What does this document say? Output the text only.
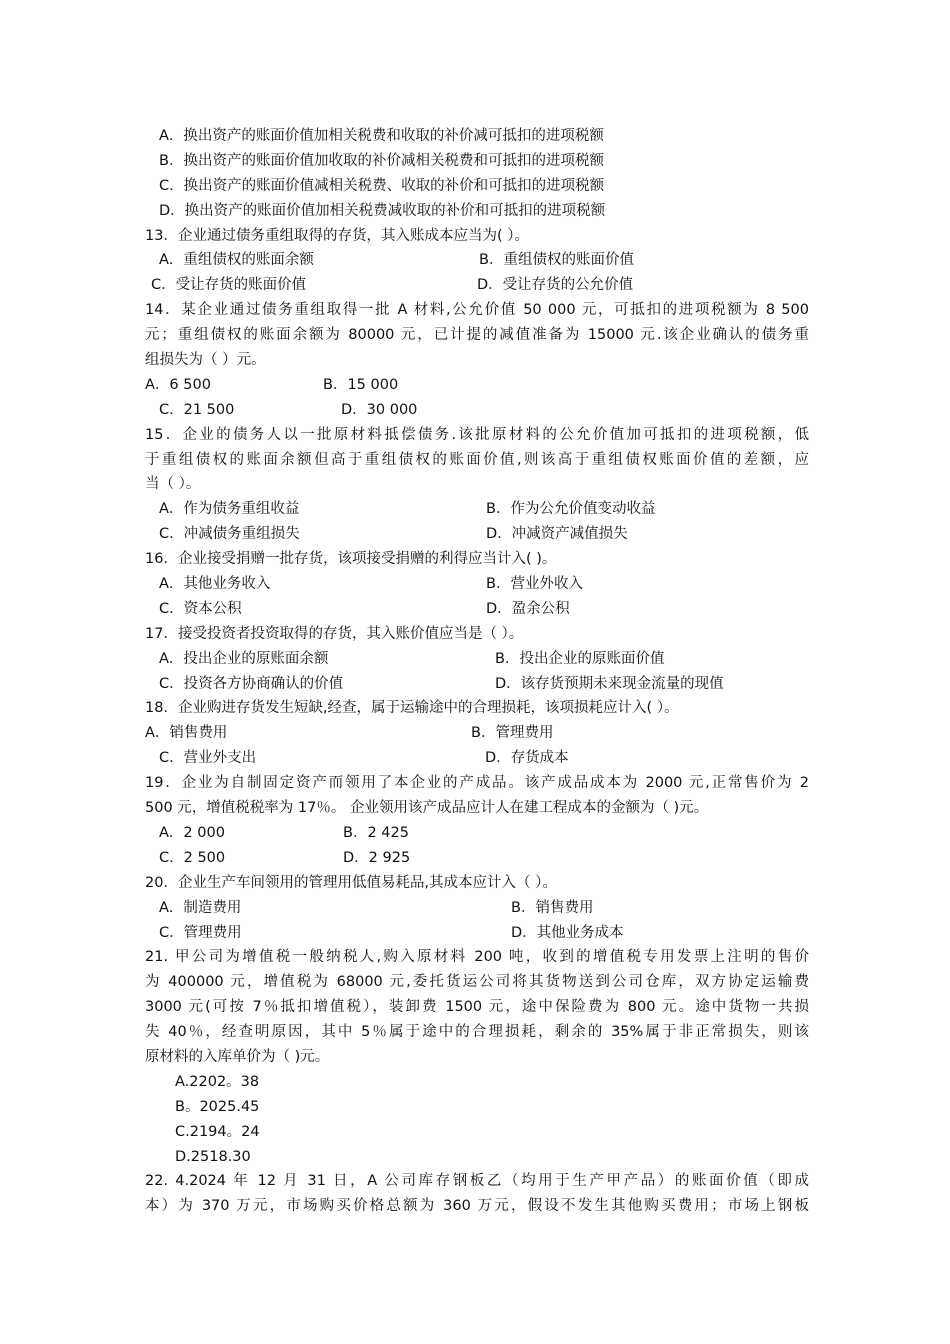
A．换出资产的账面价值加相关税费和收取的补价减可抵扣的进项税额
B．换出资产的账面价值加收取的补价减相关税费和可抵扣的进项税额
C．换出资产的账面价值减相关税费、收取的补价和可抵扣的进项税额
D．换出资产的账面价值加相关税费减收取的补价和可抵扣的进项税额
13．企业通过债务重组取得的存货，其入账成本应当为( ）。
A．重组债权的账面余额	B．重组债权的账面价值
C．受让存货的账面价值	D．受让存货的公允价值
14．某企业通过债务重组取得一批 A 材料,公允价值 50 000 元，可抵扣的进项税额为 8 500
元；重组债权的账面余额为 80000 元，已计提的减值准备为 15000 元.该企业确认的债务重
组损失为（ ）元。
A．6 500	B．15 000
C．21 500	D．30 000
15．企业的债务人以一批原材料抵偿债务.该批原材料的公允价值加可抵扣的进项税额，低
于重组债权的账面余额但高于重组债权的账面价值,则该高于重组债权账面价值的差额，应
当（ ）。
A．作为债务重组收益	B．作为公允价值变动收益
C．冲减债务重组损失	D．冲减资产减值损失
16．企业接受捐赠一批存货，该项接受捐赠的利得应当计入( )。
A．其他业务收入	B．营业外收入
C．资本公积	D．盈余公积
17．接受投资者投资取得的存货，其入账价值应当是（ ）。
A．投出企业的原账面余额	B．投出企业的原账面价值
C．投资各方协商确认的价值	D．该存货预期未来现金流量的现值
18．企业购进存货发生短缺,经查，属于运输途中的合理损耗，该项损耗应计入( ）。
A．销售费用	B．管理费用
C．营业外支出	D．存货成本
19．企业为自制固定资产而领用了本企业的产成品。该产成品成本为 2000 元,正常售价为 2
500 元，增值税税率为 17％。 企业领用该产成品应计人在建工程成本的金额为（ )元。
A．2 000	B．2 425
C．2 500	D．2 925
20．企业生产车间领用的管理用低值易耗品,其成本应计入（ ）。
A．制造费用	B．销售费用
C．管理费用	D．其他业务成本
21. 甲公司为增值税一般纳税人,购入原材料 200 吨，收到的增值税专用发票上注明的售价
为 400000 元，增值税为 68000 元,委托货运公司将其货物送到公司仓库，双方协定运输费
3000 元(可按 7％抵扣增值税），装卸费 1500 元，途中保险费为 800 元。途中货物一共损
失 40％，经查明原因，其中 5％属于途中的合理损耗，剩余的 35%属于非正常损失，则该
原材料的入库单价为（ )元。
A.2202。38
B。2025.45
C.2194。24
D.2518.30
22. 4.2024 年 12 月 31 日，A 公司库存钢板乙（均用于生产甲产品）的账面价值（即成
本）为 370 万元，市场购买价格总额为 360 万元，假设不发生其他购买费用；市场上钢板
